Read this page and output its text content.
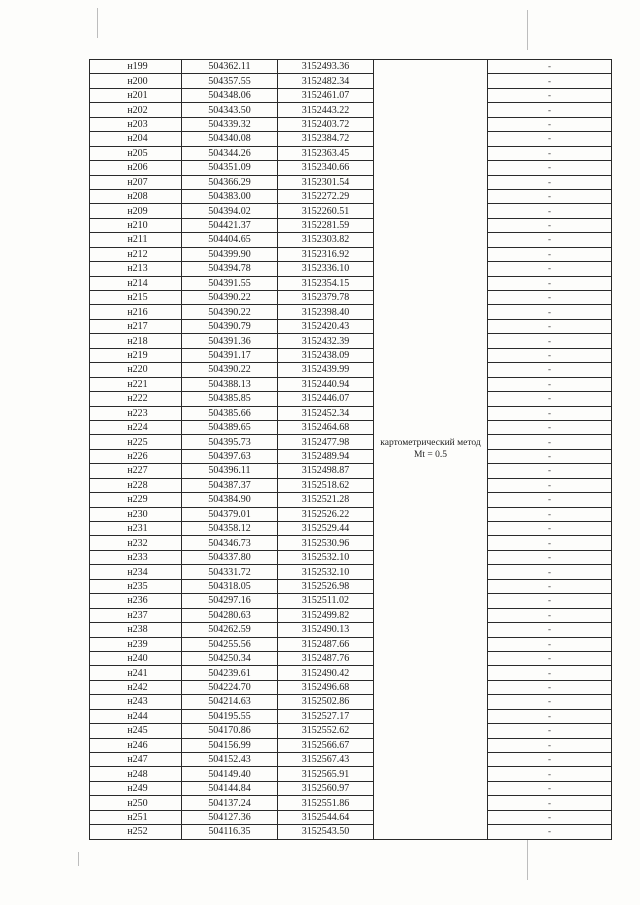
н199	504362.11	3152493.36	картометрический метод Mt = 0.5	-
н200	504357.55	3152482.34		-
н201	504348.06	3152461.07		-
н202	504343.50	3152443.22		-
н203	504339.32	3152403.72		-
н204	504340.08	3152384.72		-
н205	504344.26	3152363.45		-
н206	504351.09	3152340.66		-
н207	504366.29	3152301.54		-
н208	504383.00	3152272.29		-
н209	504394.02	3152260.51		-
н210	504421.37	3152281.59		-
н211	504404.65	3152303.82		-
н212	504399.90	3152316.92		-
н213	504394.78	3152336.10		-
н214	504391.55	3152354.15		-
н215	504390.22	3152379.78		-
н216	504390.22	3152398.40		-
н217	504390.79	3152420.43		-
н218	504391.36	3152432.39		-
н219	504391.17	3152438.09		-
н220	504390.22	3152439.99		-
н221	504388.13	3152440.94		-
н222	504385.85	3152446.07		-
н223	504385.66	3152452.34		-
н224	504389.65	3152464.68		-
н225	504395.73	3152477.98		-
н226	504397.63	3152489.94		-
н227	504396.11	3152498.87		-
н228	504387.37	3152518.62		-
н229	504384.90	3152521.28		-
н230	504379.01	3152526.22		-
н231	504358.12	3152529.44		-
н232	504346.73	3152530.96		-
н233	504337.80	3152532.10		-
н234	504331.72	3152532.10		-
н235	504318.05	3152526.98		-
н236	504297.16	3152511.02		-
н237	504280.63	3152499.82		-
н238	504262.59	3152490.13		-
н239	504255.56	3152487.66		-
н240	504250.34	3152487.76		-
н241	504239.61	3152490.42		-
н242	504224.70	3152496.68		-
н243	504214.63	3152502.86		-
н244	504195.55	3152527.17		-
н245	504170.86	3152552.62		-
н246	504156.99	3152566.67		-
н247	504152.43	3152567.43		-
н248	504149.40	3152565.91		-
н249	504144.84	3152560.97		-
н250	504137.24	3152551.86		-
н251	504127.36	3152544.64		-
н252	504116.35	3152543.50		-
